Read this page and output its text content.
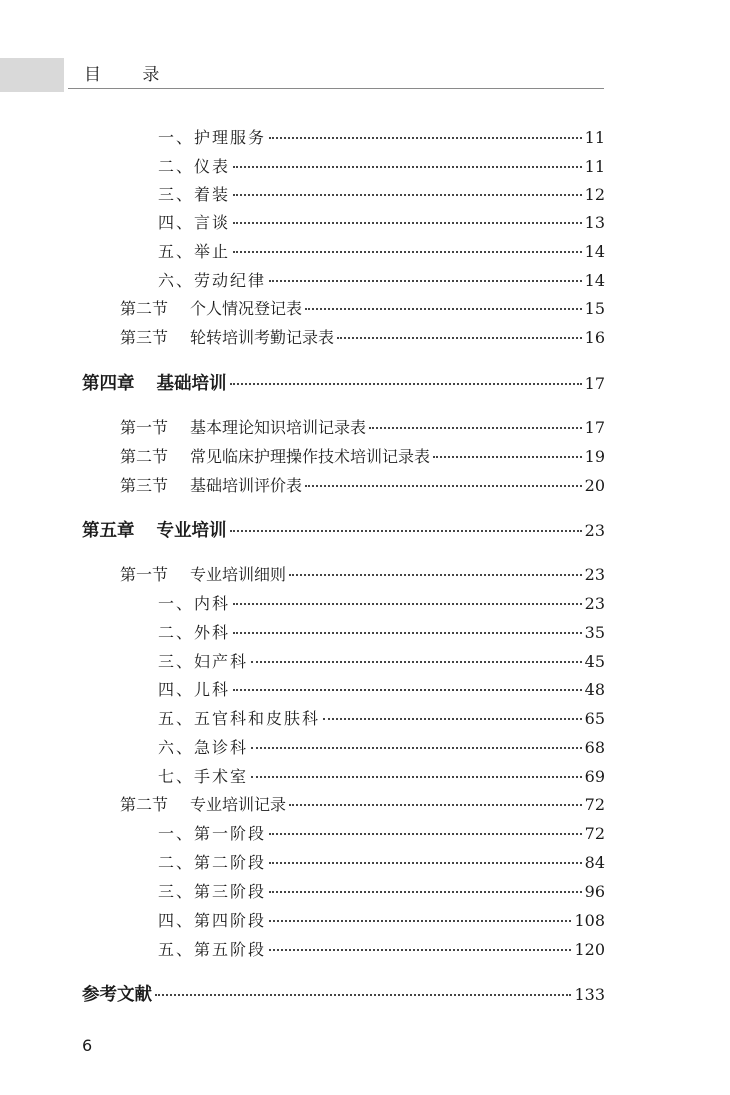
目 录
一、护理服务	11
二、仪表	11
三、着装	12
四、言谈	13
五、举止	14
六、劳动纪律	14
第二节 个人情况登记表	15
第三节 轮转培训考勤记录表	16
第四章 基础培训	17
第一节 基本理论知识培训记录表	17
第二节 常见临床护理操作技术培训记录表	19
第三节 基础培训评价表	20
第五章 专业培训	23
第一节 专业培训细则	23
一、内科	23
二、外科	35
三、妇产科	45
四、儿科	48
五、五官科和皮肤科	65
六、急诊科	68
七、手术室	69
第二节 专业培训记录	72
一、第一阶段	72
二、第二阶段	84
三、第三阶段	96
四、第四阶段	108
五、第五阶段	120
参考文献	133
6
